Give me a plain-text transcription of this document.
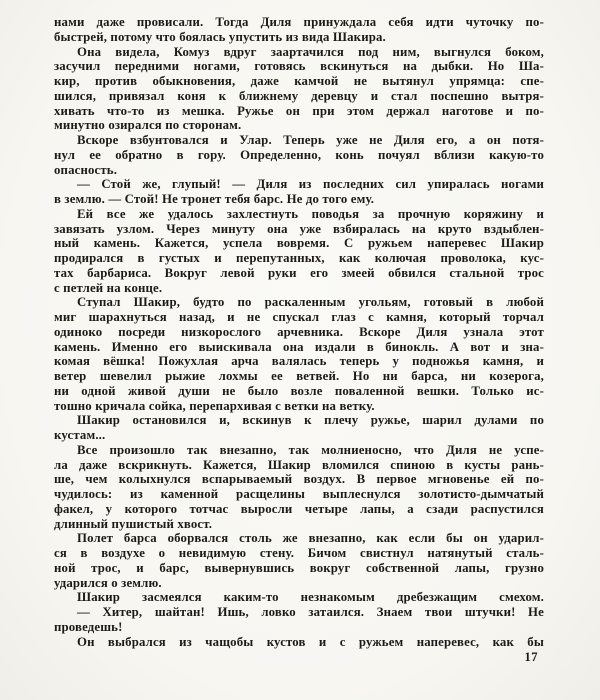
нами даже провисали. Тогда Диля принуждала себя идти чуточку по-
быстрей, потому что боялась упустить из вида Шакира.
Она видела, Комуз вдруг заартачился под ним, выгнулся боком,
засучил передними ногами, готовясь вскинуться на дыбки. Но Ша-
кир, против обыкновения, даже камчой не вытянул упрямца: спе-
шился, привязал коня к ближнему деревцу и стал поспешно вытря-
хивать что-то из мешка. Ружье он при этом держал наготове и по-
минутно озирался по сторонам.
Вскоре взбунтовался и Улар. Теперь уже не Диля его, а он потя-
нул ее обратно в гору. Определенно, конь почуял вблизи какую-то
опасность.
— Стой же, глупый! — Диля из последних сил упиралась ногами
в землю. — Стой! Не тронет тебя барс. Не до того ему.
Ей все же удалось захлестнуть поводья за прочную коряжину и
завязать узлом. Через минуту она уже взбиралась на круто вздыблен-
ный камень. Кажется, успела вовремя. С ружьем наперевес Шакир
продирался в густых и перепутанных, как колючая проволока, кус-
тах барбариса. Вокруг левой руки его змеей обвился стальной трос
с петлей на конце.
Ступал Шакир, будто по раскаленным угольям, готовый в любой
миг шарахнуться назад, и не спускал глаз с камня, который торчал
одиноко посреди низкорослого арчевника. Вскоре Диля узнала этот
камень. Именно его выискивала она издали в бинокль. А вот и зна-
комая вёшка! Пожухлая арча валялась теперь у подножья камня, и
ветер шевелил рыжие лохмы ее ветвей. Но ни барса, ни козерога,
ни одной живой души не было возле поваленной вешки. Только ис-
тошно кричала сойка, перепархивая с ветки на ветку.
Шакир остановился и, вскинув к плечу ружье, шарил дулами по
кустам...
Все произошло так внезапно, так молниеносно, что Диля не успе-
ла даже вскрикнуть. Кажется, Шакир вломился спиною в кусты рань-
ше, чем колыхнулся вспарываемый воздух. В первое мгновенье ей по-
чудилось: из каменной расщелины выплеснулся золотисто-дымчатый
факел, у которого тотчас выросли четыре лапы, а сзади распустился
длинный пушистый хвост.
Полет барса оборвался столь же внезапно, как если бы он ударил-
ся в воздухе о невидимую стену. Бичом свистнул натянутый сталь-
ной трос, и барс, вывернувшись вокруг собственной лапы, грузно
ударился о землю.
Шакир засмеялся каким-то незнакомым дребезжащим смехом.
— Хитер, шайтан! Ишь, ловко затаился. Знаем твои штучки! Не
проведешь!
Он выбрался из чащобы кустов и с ружьем наперевес, как бы
17
